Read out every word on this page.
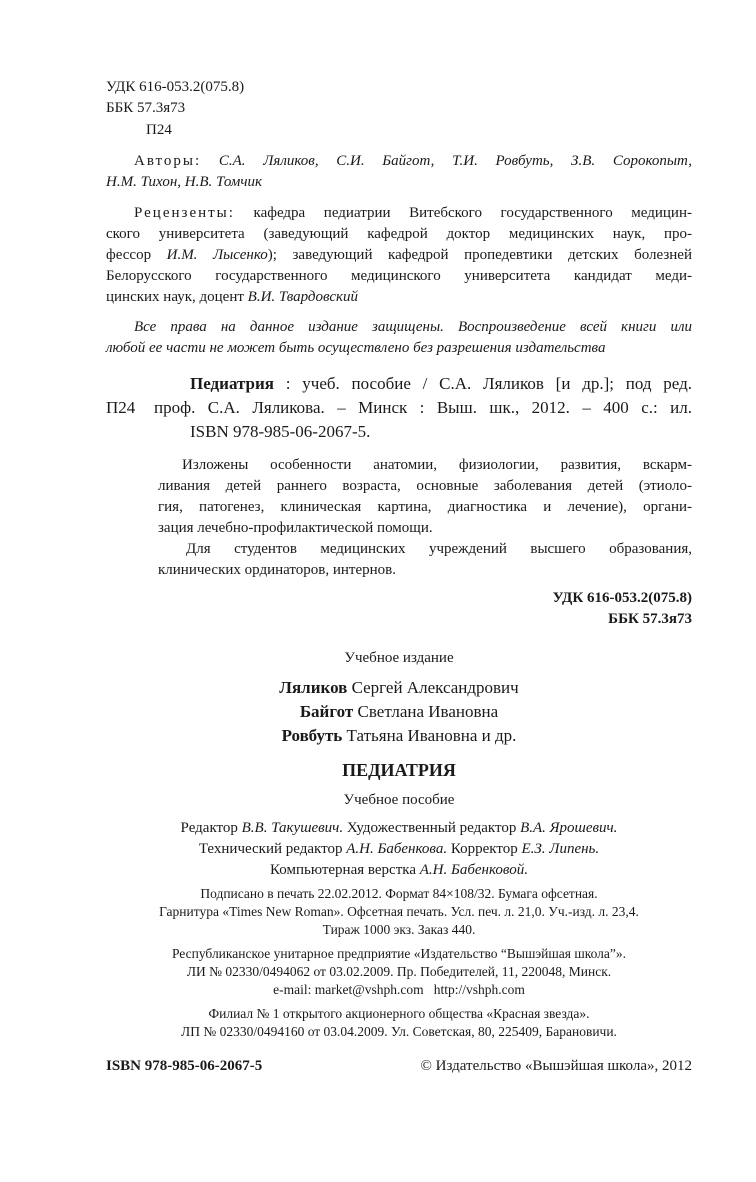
УДК 616-053.2(075.8)
ББК 57.3я73
П24
Авторы: С.А. Ляликов, С.И. Байгот, Т.И. Ровбуть, З.В. Сорокопыт,
Н.М. Тихон, Н.В. Томчик
Рецензенты: кафедра педиатрии Витебского государственного медицин-
ского университета (заведующий кафедрой доктор медицинских наук, про-
фессор И.М. Лысенко); заведующий кафедрой пропедевтики детских болезней
Белорусского государственного медицинского университета кандидат меди-
цинских наук, доцент В.И. Твардовский
Все права на данное издание защищены. Воспроизведение всей книги или
любой ее части не может быть осуществлено без разрешения издательства
Педиатрия : учеб. пособие / С.А. Ляликов [и др.]; под ред.
П24	проф. С.А. Ляликова. – Минск : Выш. шк., 2012. – 400 с.: ил.
ISBN 978-985-06-2067-5.
Изложены особенности анатомии, физиологии, развития, вскарм-
ливания детей раннего возраста, основные заболевания детей (этиоло-
гия, патогенез, клиническая картина, диагностика и лечение), органи-
зация лечебно-профилактической помощи.
Для студентов медицинских учреждений высшего образования,
клинических ординаторов, интернов.
УДК 616-053.2(075.8)
ББК 57.3я73
Учебное издание
Ляликов Сергей Александрович
Байгот Светлана Ивановна
Ровбуть Татьяна Ивановна и др.
ПЕДИАТРИЯ
Учебное пособие
Редактор В.В. Такушевич. Художественный редактор В.А. Ярошевич.
Технический редактор А.Н. Бабенкова. Корректор Е.З. Липень.
Компьютерная верстка А.Н. Бабенковой.
Подписано в печать 22.02.2012. Формат 84×108/32. Бумага офсетная.
Гарнитура «Times New Roman». Офсетная печать. Усл. печ. л. 21,0. Уч.-изд. л. 23,4.
Тираж 1000 экз. Заказ 440.
Республиканское унитарное предприятие «Издательство “Вышэйшая школа”».
ЛИ № 02330/0494062 от 03.02.2009. Пр. Победителей, 11, 220048, Минск.
e-mail: market@vshph.com   http://vshph.com
Филиал № 1 открытого акционерного общества «Красная звезда».
ЛП № 02330/0494160 от 03.04.2009. Ул. Советская, 80, 225409, Барановичи.
ISBN 978-985-06-2067-5	© Издательство «Вышэйшая школа», 2012
